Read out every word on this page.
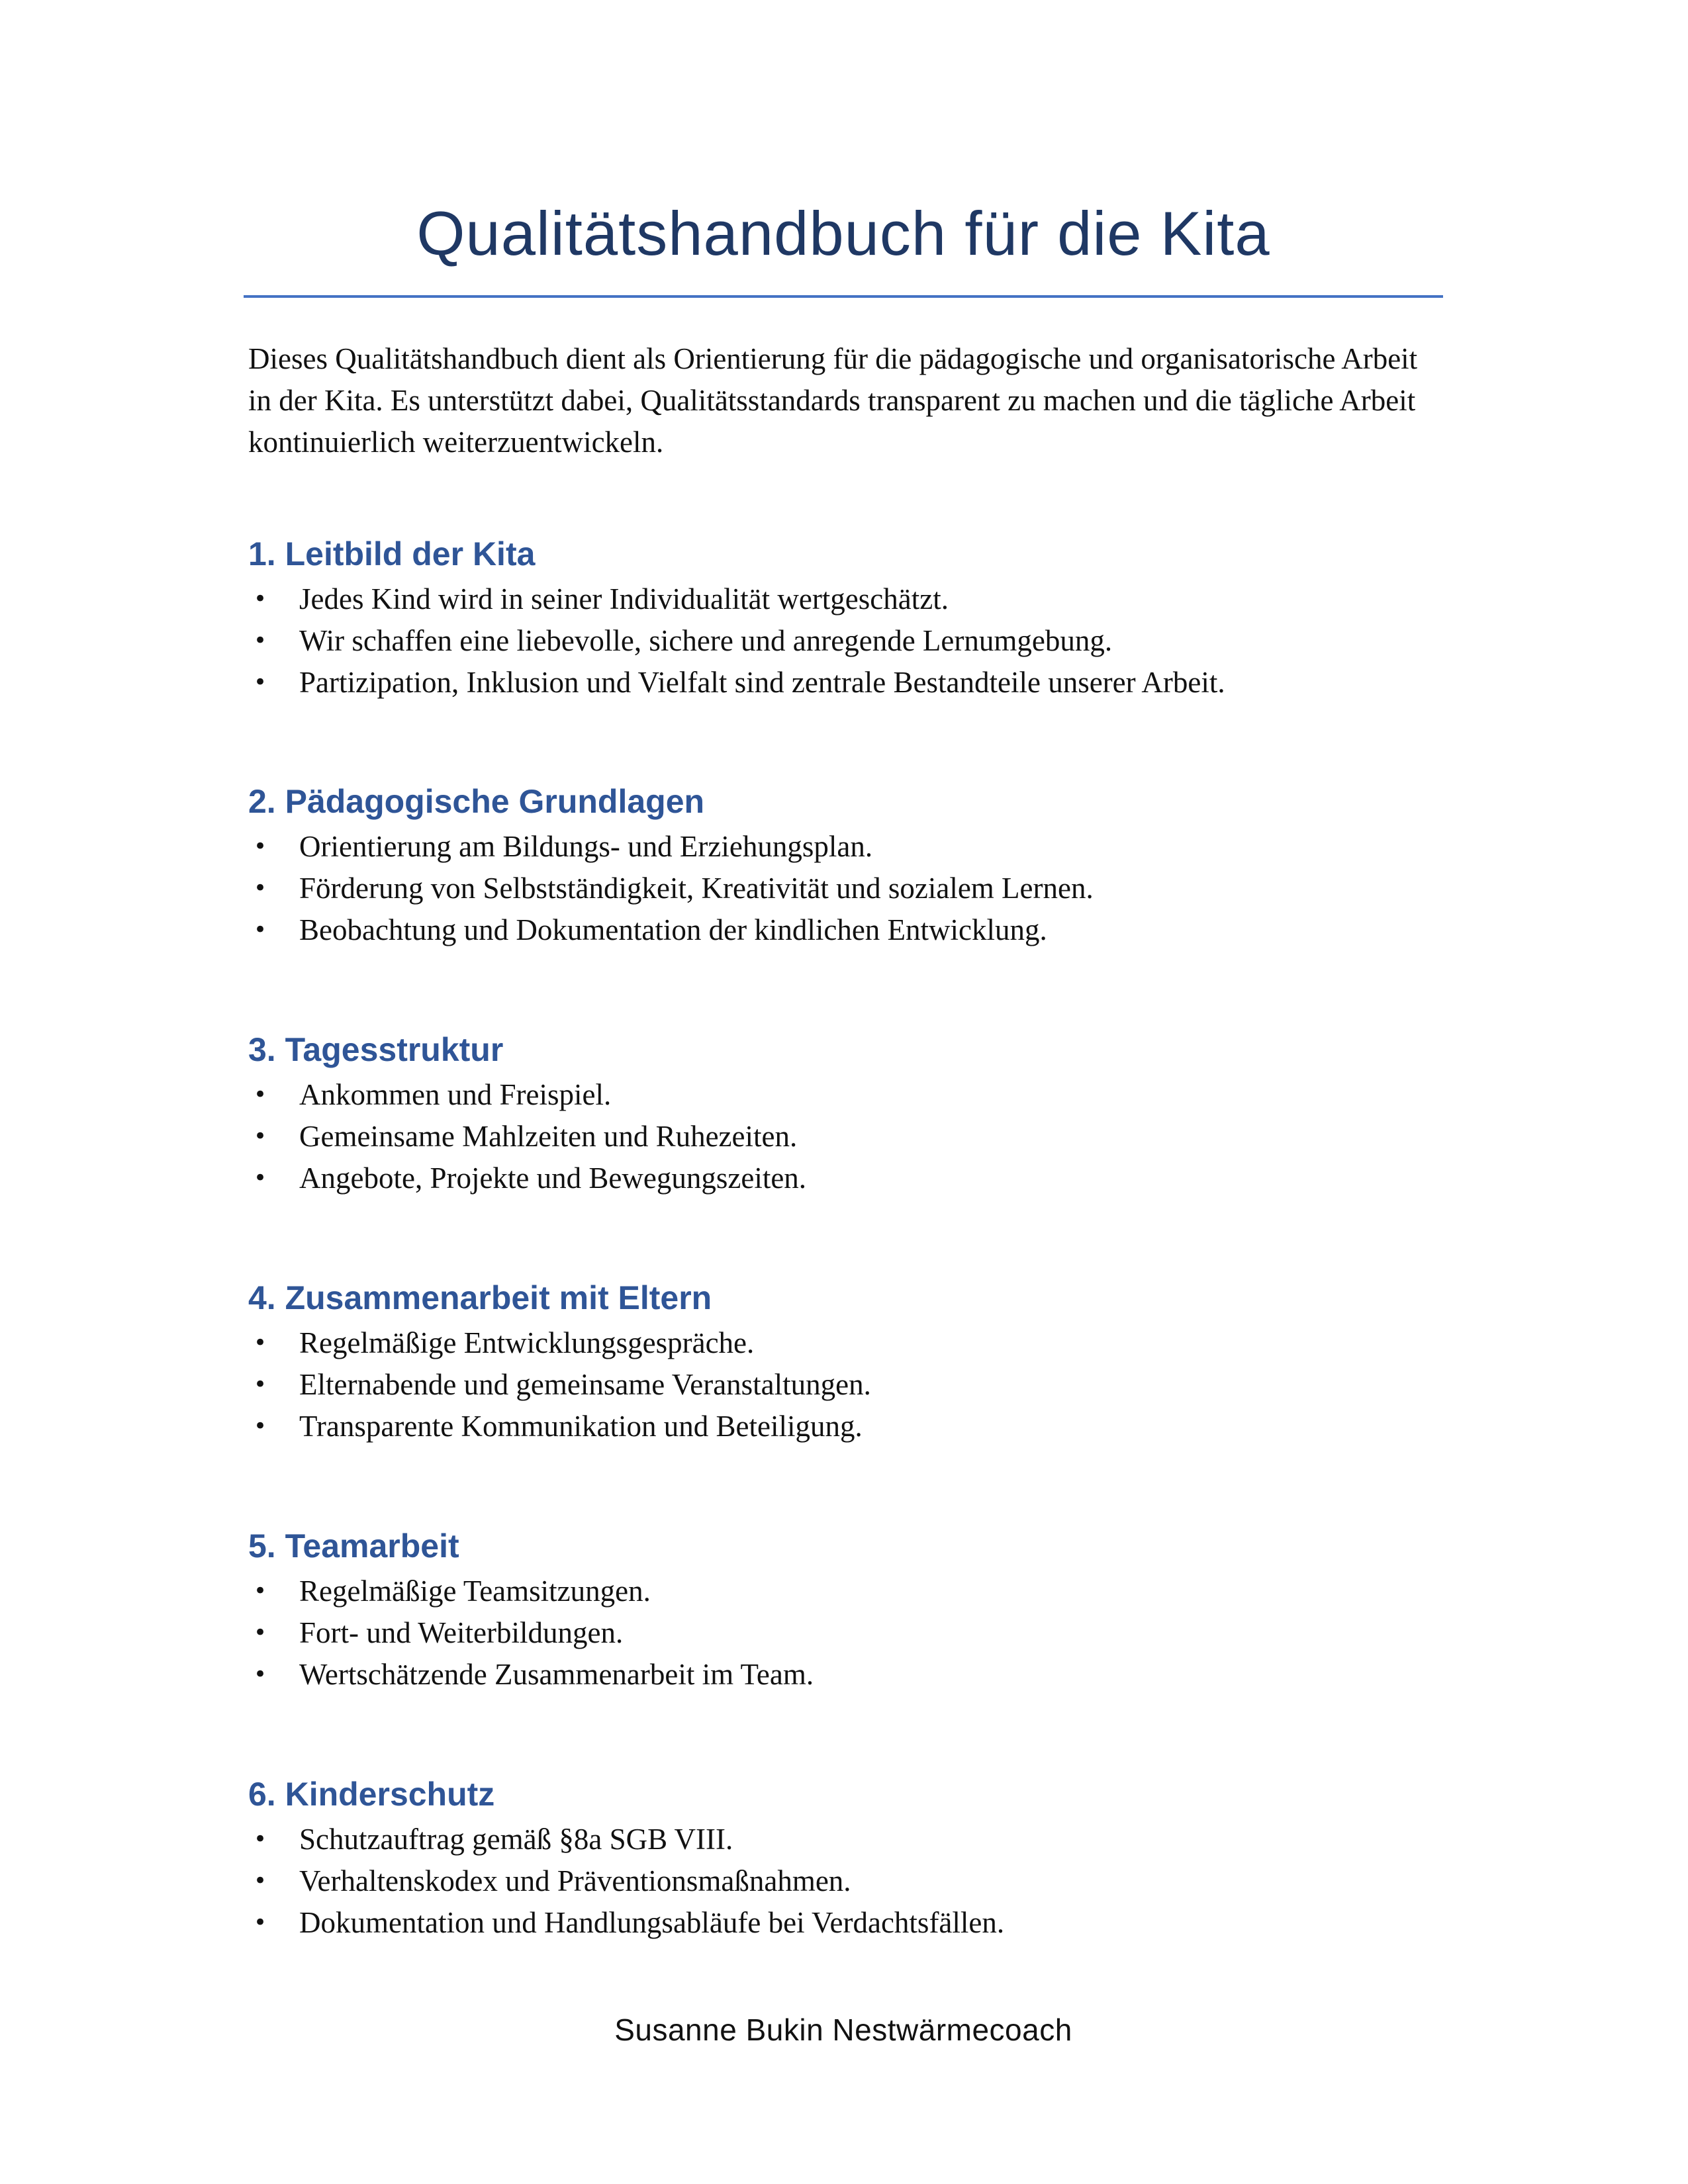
Qualitätshandbuch für die Kita
Dieses Qualitätshandbuch dient als Orientierung für die pädagogische und organisatorische Arbeit in der Kita. Es unterstützt dabei, Qualitätsstandards transparent zu machen und die tägliche Arbeit kontinuierlich weiterzuentwickeln.
1. Leitbild der Kita
• Jedes Kind wird in seiner Individualität wertgeschätzt.
• Wir schaffen eine liebevolle, sichere und anregende Lernumgebung.
• Partizipation, Inklusion und Vielfalt sind zentrale Bestandteile unserer Arbeit.
2. Pädagogische Grundlagen
• Orientierung am Bildungs- und Erziehungsplan.
• Förderung von Selbstständigkeit, Kreativität und sozialem Lernen.
• Beobachtung und Dokumentation der kindlichen Entwicklung.
3. Tagesstruktur
• Ankommen und Freispiel.
• Gemeinsame Mahlzeiten und Ruhezeiten.
• Angebote, Projekte und Bewegungszeiten.
4. Zusammenarbeit mit Eltern
• Regelmäßige Entwicklungsgespräche.
• Elternabende und gemeinsame Veranstaltungen.
• Transparente Kommunikation und Beteiligung.
5. Teamarbeit
• Regelmäßige Teamsitzungen.
• Fort- und Weiterbildungen.
• Wertschätzende Zusammenarbeit im Team.
6. Kinderschutz
• Schutzauftrag gemäß §8a SGB VIII.
• Verhaltenskodex und Präventionsmaßnahmen.
• Dokumentation und Handlungsabläufe bei Verdachtsfällen.
Susanne Bukin Nestwärmecoach
